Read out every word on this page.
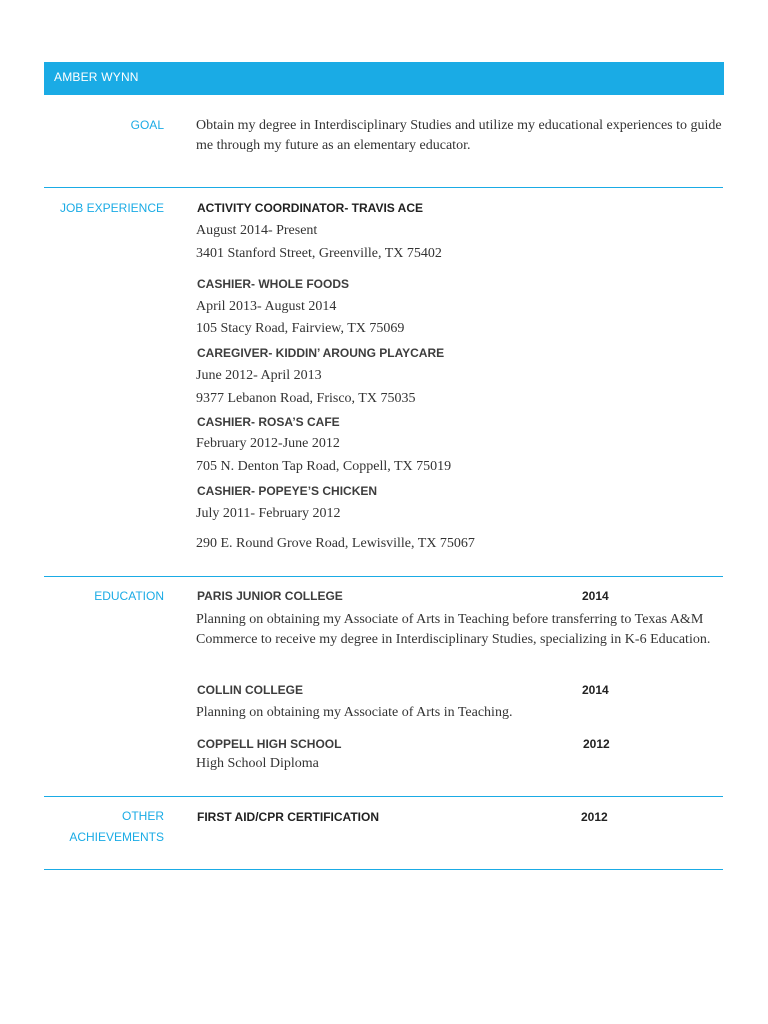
AMBER WYNN
GOAL Obtain my degree in Interdisciplinary Studies and utilize my educational experiences to guide me through my future as an elementary educator.
JOB EXPERIENCE	ACTIVITY COORDINATOR- TRAVIS ACE
August 2014- Present
3401 Stanford Street, Greenville, TX 75402
CASHIER- WHOLE FOODS
April 2013- August 2014
105 Stacy Road, Fairview, TX 75069
CAREGIVER- KIDDIN’ AROUNG PLAYCARE
June 2012- April 2013
9377 Lebanon Road, Frisco, TX 75035
CASHIER- ROSA’S CAFE
February 2012-June 2012
705 N. Denton Tap Road, Coppell, TX 75019
CASHIER- POPEYE’S CHICKEN
July 2011- February 2012
290 E. Round Grove Road, Lewisville, TX 75067
EDUCATION	PARIS JUNIOR COLLEGE	2014
Planning on obtaining my Associate of Arts in Teaching before transferring to Texas A&M Commerce to receive my degree in Interdisciplinary Studies, specializing in K-6 Education.
COLLIN COLLEGE	2014
Planning on obtaining my Associate of Arts in Teaching.
COPPELL HIGH SCHOOL	2012
High School Diploma
OTHER
ACHIEVEMENTS
FIRST AID/CPR CERTIFICATION	2012
